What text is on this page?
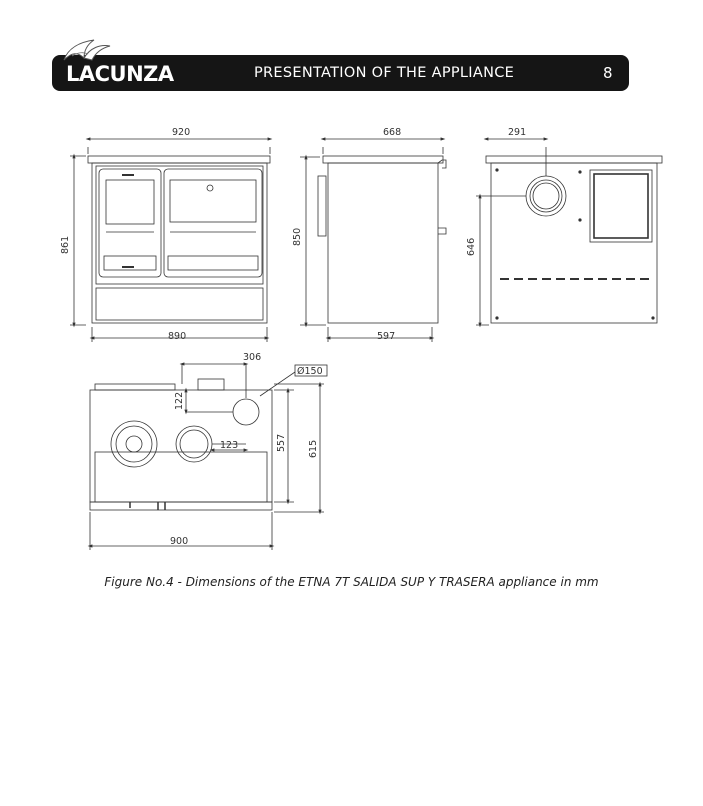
LACUNZA	PRESENTATION OF THE APPLIANCE	8
920
861
890
668
850
597
291
646
306
Ø150
122
123	557 615
900
Figure No.4 - Dimensions of the ETNA 7T SALIDA SUP Y TRASERA appliance in mm
